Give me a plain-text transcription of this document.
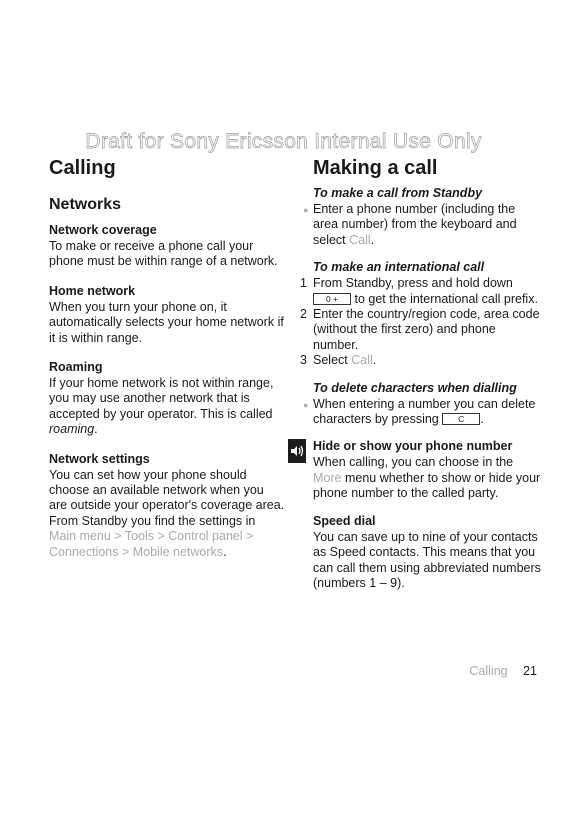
Draft for Sony Ericsson Internal Use Only
Calling
Networks
Network coverage
To make or receive a phone call your phone must be within range of a network.
Home network
When you turn your phone on, it automatically selects your home network if it is within range.
Roaming
If your home network is not within range, you may use another network that is accepted by your operator. This is called roaming.
Network settings
You can set how your phone should choose an available network when you are outside your operator's coverage area. From Standby you find the settings in Main menu > Tools > Control panel > Connections > Mobile networks.
Making a call
To make a call from Standby
● Enter a phone number (including the area number) from the keyboard and select Call.
To make an international call
1 From Standby, press and hold down 0 + to get the international call prefix.
2 Enter the country/region code, area code (without the first zero) and phone number.
3 Select Call.
To delete characters when dialling
● When entering a number you can delete characters by pressing C .
Hide or show your phone number
When calling, you can choose in the More menu whether to show or hide your phone number to the called party.
Speed dial
You can save up to nine of your contacts as Speed contacts. This means that you can call them using abbreviated numbers (numbers 1 – 9).
Calling 21
